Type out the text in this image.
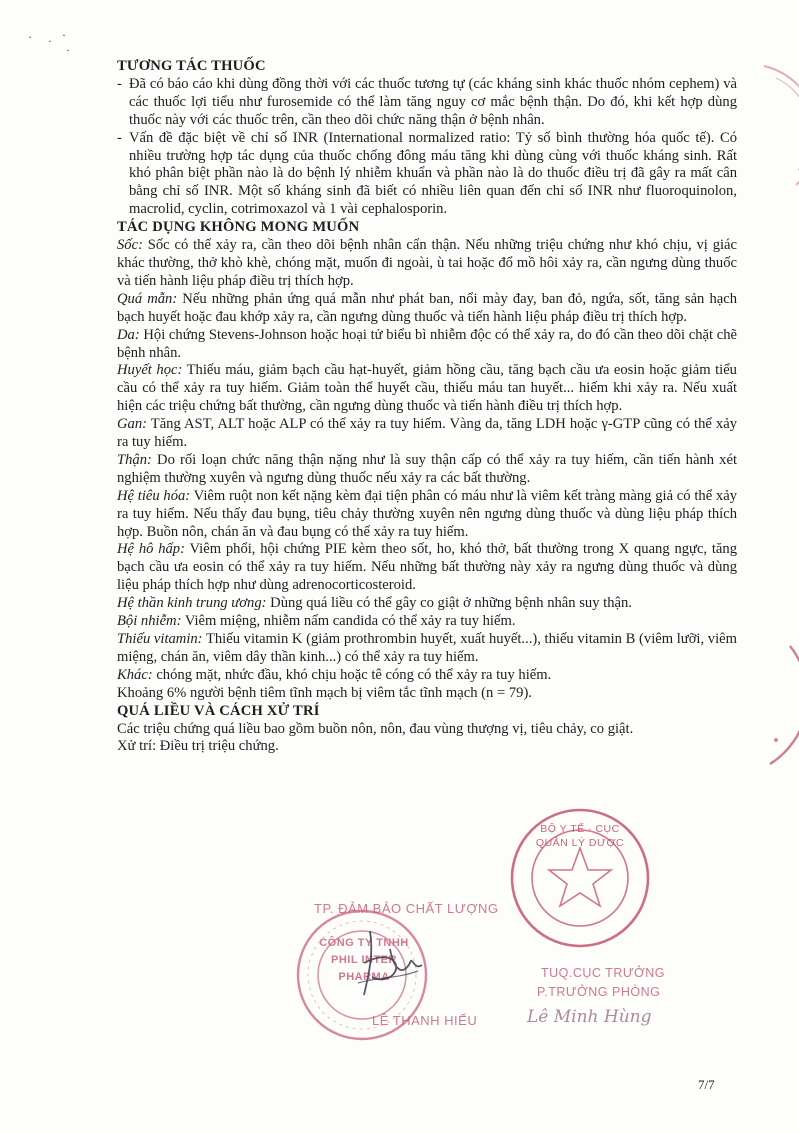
· · ·
·
TƯƠNG TÁC THUỐC

- Đã có báo cáo khi dùng đồng thời với các thuốc tương tự (các kháng sinh khác thuốc nhóm cephem) và các thuốc lợi tiểu như furosemide có thể làm tăng nguy cơ mắc bệnh thận. Do đó, khi kết hợp dùng thuốc này với các thuốc trên, cần theo dõi chức năng thận ở bệnh nhân.

- Vấn đề đặc biệt về chỉ số INR (International normalized ratio: Tỷ số bình thường hóa quốc tế). Có nhiều trường hợp tác dụng của thuốc chống đông máu tăng khi dùng cùng với thuốc kháng sinh. Rất khó phân biệt phần nào là do bệnh lý nhiễm khuẩn và phần nào là do thuốc điều trị đã gây ra mất cân bằng chỉ số INR. Một số kháng sinh đã biết có nhiều liên quan đến chỉ số INR như fluoroquinolon, macrolid, cyclin, cotrimoxazol và 1 vài cephalosporin.

TÁC DỤNG KHÔNG MONG MUỐN

Sốc: Sốc có thể xảy ra, cần theo dõi bệnh nhân cẩn thận. Nếu những triệu chứng như khó chịu, vị giác khác thường, thở khò khè, chóng mặt, muốn đi ngoài, ù tai hoặc đổ mồ hôi xảy ra, cần ngưng dùng thuốc và tiến hành liệu pháp điều trị thích hợp.

Quá mẫn: Nếu những phản ứng quá mẫn như phát ban, nổi mày đay, ban đỏ, ngứa, sốt, tăng sản hạch bạch huyết hoặc đau khớp xảy ra, cần ngưng dùng thuốc và tiến hành liệu pháp điều trị thích hợp.

Da: Hội chứng Stevens-Johnson hoặc hoại tử biểu bì nhiễm độc có thể xảy ra, do đó cần theo dõi chặt chẽ bệnh nhân.

Huyết học: Thiếu máu, giảm bạch cầu hạt-huyết, giảm hồng cầu, tăng bạch cầu ưa eosin hoặc giảm tiểu cầu có thể xảy ra tuy hiếm. Giảm toàn thể huyết cầu, thiếu máu tan huyết... hiếm khi xảy ra. Nếu xuất hiện các triệu chứng bất thường, cần ngưng dùng thuốc và tiến hành điều trị thích hợp.

Gan: Tăng AST, ALT hoặc ALP có thể xảy ra tuy hiếm. Vàng da, tăng LDH hoặc γ-GTP cũng có thể xảy ra tuy hiếm.

Thận: Do rối loạn chức năng thận nặng như là suy thận cấp có thể xảy ra tuy hiếm, cần tiến hành xét nghiệm thường xuyên và ngưng dùng thuốc nếu xảy ra các bất thường.

Hệ tiêu hóa: Viêm ruột non kết nặng kèm đại tiện phân có máu như là viêm kết tràng màng giả có thể xảy ra tuy hiếm. Nếu thấy đau bụng, tiêu chảy thường xuyên nên ngưng dùng thuốc và dùng liệu pháp thích hợp. Buồn nôn, chán ăn và đau bụng có thể xảy ra tuy hiếm.

Hệ hô hấp: Viêm phổi, hội chứng PIE kèm theo sốt, ho, khó thở, bất thường trong X quang ngực, tăng bạch cầu ưa eosin có thể xảy ra tuy hiếm. Nếu những bất thường này xảy ra ngưng dùng thuốc và dùng liệu pháp thích hợp như dùng adrenocorticosteroid.

Hệ thần kinh trung ương: Dùng quá liều có thể gây co giật ở những bệnh nhân suy thận.

Bội nhiễm: Viêm miệng, nhiễm nấm candida có thể xảy ra tuy hiếm.

Thiếu vitamin: Thiếu vitamin K (giảm prothrombin huyết, xuất huyết...), thiếu vitamin B (viêm lưỡi, viêm miệng, chán ăn, viêm dây thần kinh...) có thể xảy ra tuy hiếm.

Khác: chóng mặt, nhức đầu, khó chịu hoặc tê cóng có thể xảy ra tuy hiếm.

Khoảng 6% người bệnh tiêm tĩnh mạch bị viêm tắc tĩnh mạch (n = 79).

QUÁ LIỀU VÀ CÁCH XỬ TRÍ

Các triệu chứng quá liều bao gồm buồn nôn, nôn, đau vùng thượng vị, tiêu chảy, co giật.

Xử trí: Điều trị triệu chứng.

CÔNG TY TNHH PHIL INTER PHARMA
TP. ĐẢM BẢO CHẤT LƯỢNG
LÊ THANH HIẾU
BỘ Y TẾ · CỤC QUẢN LÝ DƯỢC
TUQ.CỤC TRƯỞNG
P.TRƯỞNG PHÒNG
Lê Minh Hùng
7/7
